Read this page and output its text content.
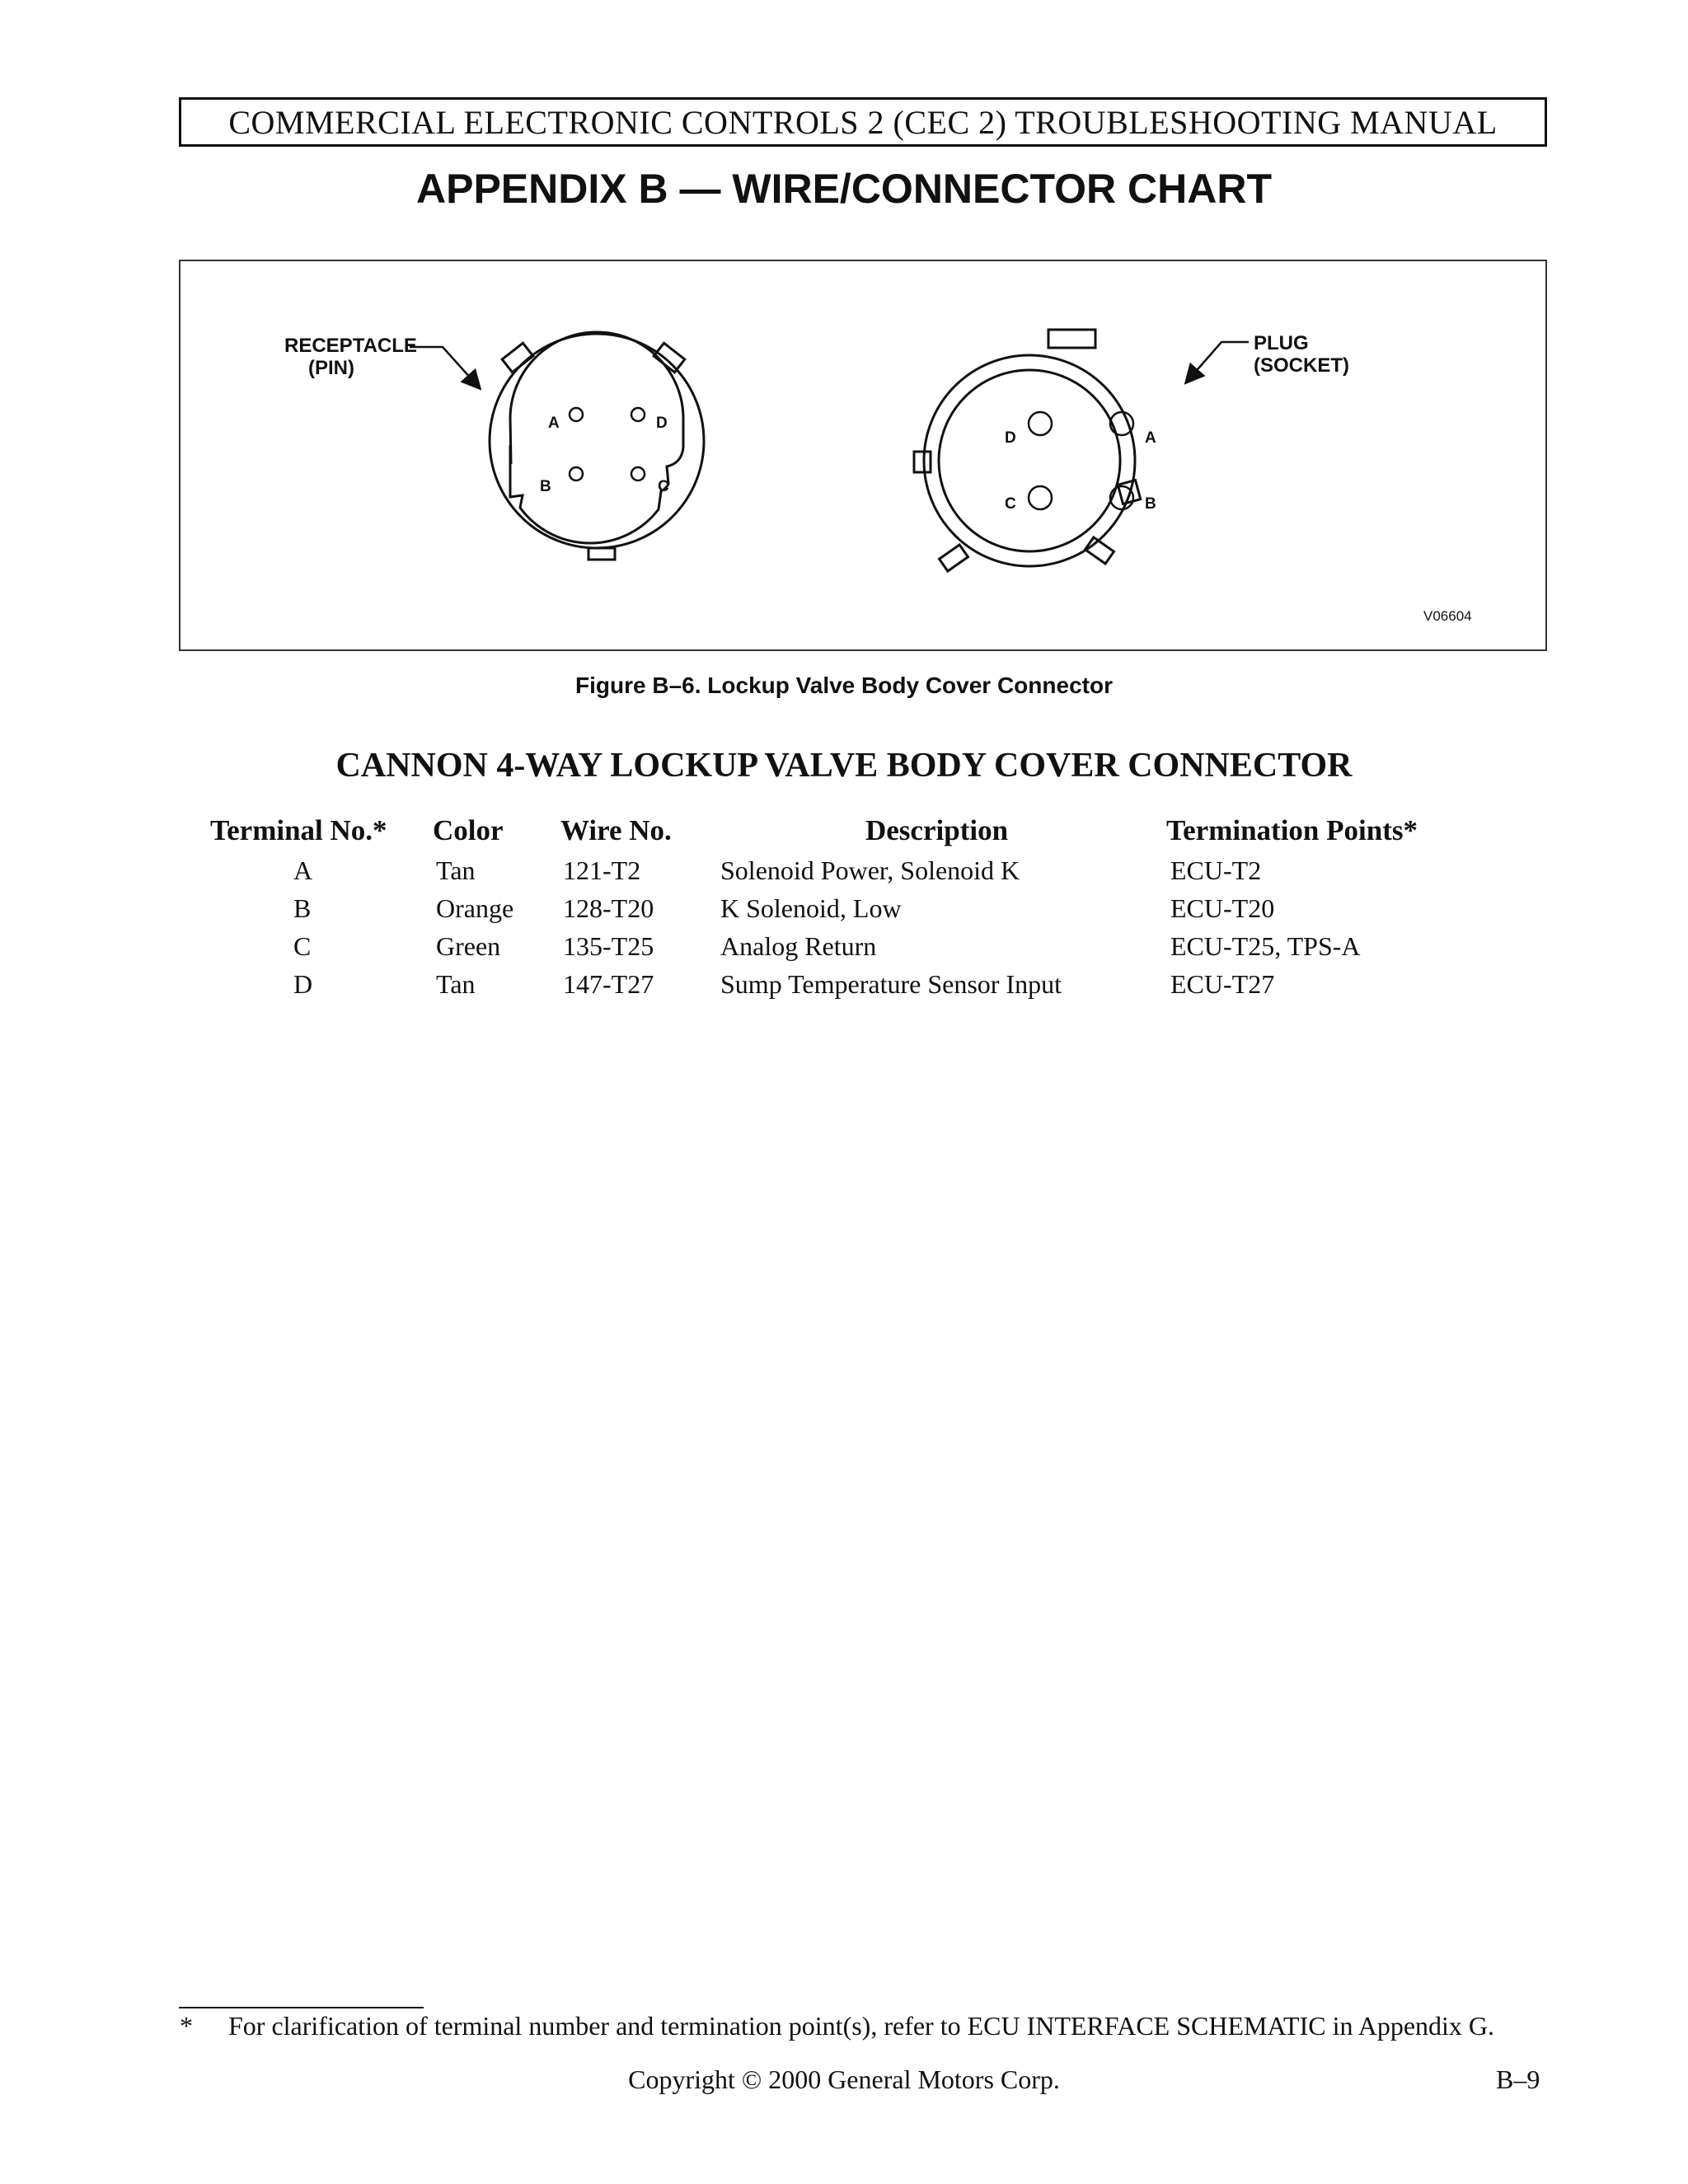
COMMERCIAL ELECTRONIC CONTROLS 2 (CEC 2) TROUBLESHOOTING MANUAL
APPENDIX B — WIRE/CONNECTOR CHART
A	D
B	C
RECEPTACLE
(PIN)
D	A
C	B
PLUG
(SOCKET)
V06604
Figure B–6. Lockup Valve Body Cover Connector
CANNON 4-WAY LOCKUP VALVE BODY COVER CONNECTOR
Terminal No.* Color Wire No.	Description	Termination Points*
A	Tan	121-T2	Solenoid Power, Solenoid K	ECU-T2
B	Orange 128-T20	K Solenoid, Low	ECU-T20
C	Green 135-T25	Analog Return	ECU-T25, TPS-A
D	Tan	147-T27	Sump Temperature Sensor Input	ECU-T27
* For clarification of terminal number and termination point(s), refer to ECU INTERFACE SCHEMATIC in Appendix G.
Copyright © 2000 General Motors Corp.	B–9
